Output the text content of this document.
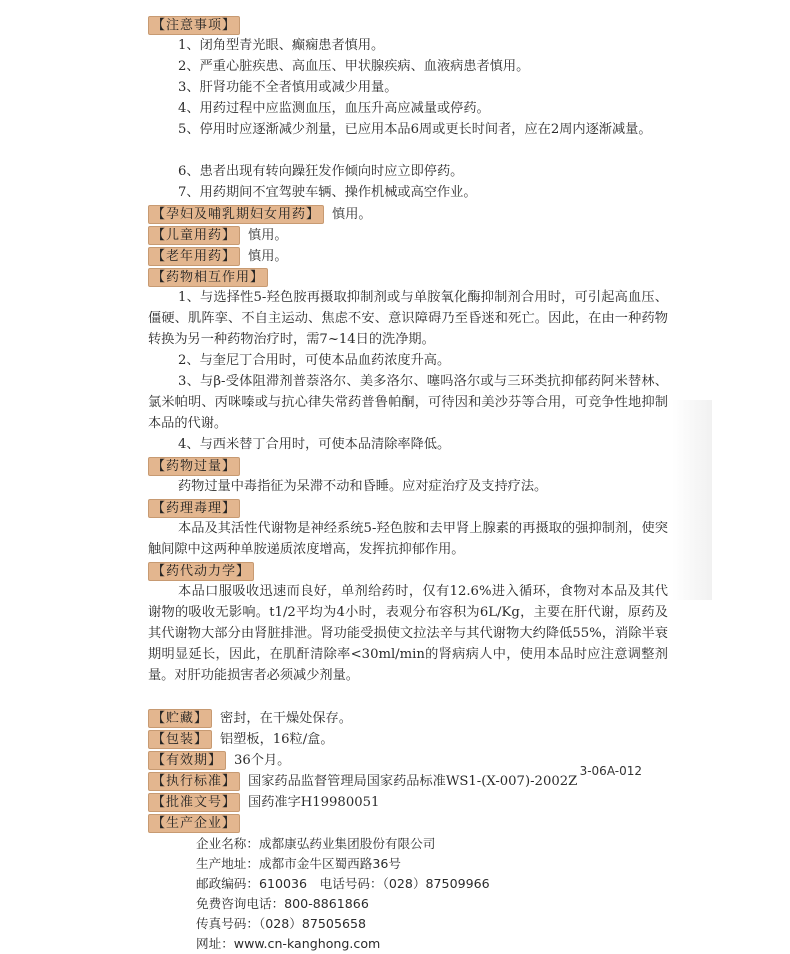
【注意事项】
1、闭角型青光眼、癫痫患者慎用。
2、严重心脏疾患、高血压、甲状腺疾病、血液病患者慎用。
3、肝肾功能不全者慎用或减少用量。
4、用药过程中应监测血压，血压升高应减量或停药。
5、停用时应逐渐减少剂量，已应用本品6周或更长时间者，应在2周内逐渐减量。
6、患者出现有转向躁狂发作倾向时应立即停药。
7、用药期间不宜驾驶车辆、操作机械或高空作业。
【孕妇及哺乳期妇女用药】 慎用。
【儿童用药】 慎用。
【老年用药】 慎用。
【药物相互作用】
1、与选择性5-羟色胺再摄取抑制剂或与单胺氧化酶抑制剂合用时，可引起高血压、僵硬、肌阵挛、不自主运动、焦虑不安、意识障碍乃至昏迷和死亡。因此，在由一种药物转换为另一种药物治疗时，需7~14日的洗净期。
2、与奎尼丁合用时，可使本品血药浓度升高。
3、与β-受体阻滞剂普萘洛尔、美多洛尔、噻吗洛尔或与三环类抗抑郁药阿米替林、氯米帕明、丙咪嗪或与抗心律失常药普鲁帕酮，可待因和美沙芬等合用，可竞争性地抑制本品的代谢。
4、与西米替丁合用时，可使本品清除率降低。
【药物过量】
药物过量中毒指征为呆滞不动和昏睡。应对症治疗及支持疗法。
【药理毒理】
本品及其活性代谢物是神经系统5-羟色胺和去甲肾上腺素的再摄取的强抑制剂，使突触间隙中这两种单胺递质浓度增高，发挥抗抑郁作用。
【药代动力学】
本品口服吸收迅速而良好，单剂给药时，仅有12.6%进入循环，食物对本品及其代谢物的吸收无影响。t1/2平均为4小时，表观分布容积为6L/Kg，主要在肝代谢，原药及其代谢物大部分由肾脏排泄。肾功能受损使文拉法辛与其代谢物大约降低55%，消除半衰期明显延长，因此，在肌酐清除率<30ml/min的肾病病人中，使用本品时应注意调整剂量。对肝功能损害者必须减少剂量。
【贮藏】 密封，在干燥处保存。
【包装】 铝塑板，16粒/盒。
【有效期】 36个月。
【执行标准】 国家药品监督管理局国家药品标准WS1-(X-007)-2002Z
【批准文号】 国药准字H19980051
【生产企业】
企业名称：成都康弘药业集团股份有限公司
生产地址：成都市金牛区蜀西路36号
邮政编码：610036　电话号码：（028）87509966
免费咨询电话：800-8861866
传真号码：（028）87505658
网址：www.cn-kanghong.com
3-06A-012
